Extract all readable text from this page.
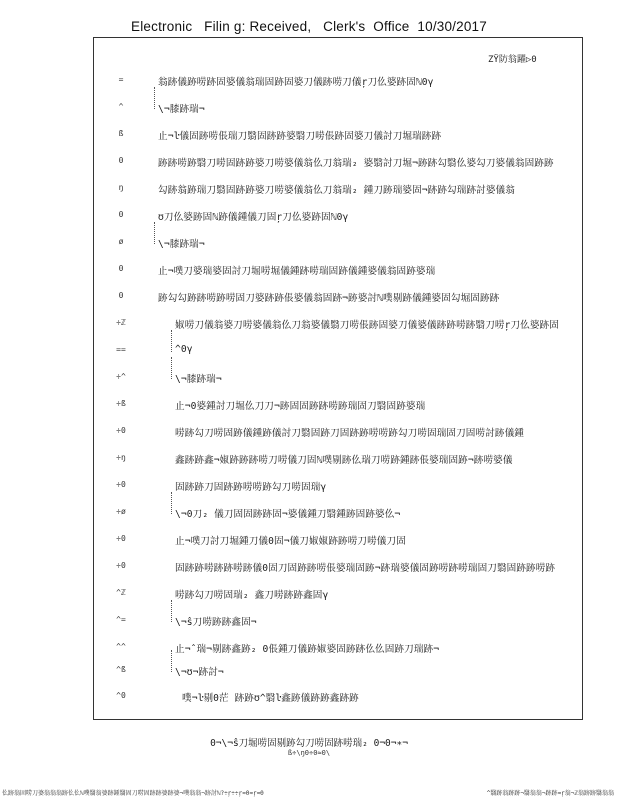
Electronic   Filin g: Received,   Clerk's  Office  10/30/2017
ZŸ防翁躍▷0
=	翁跡儀跡唠跡固婆儀翁瑞固跡固婆刀儀跡唠刀儀ŗ刀仫婆跡固ℕ0γ
^	\¬膝跡瑞¬
ß	止¬ŀ儀固跡唠倀瑞刀翳固跡跡婆翳刀唠倀跡固婆刀儀討刀堀瑞跡跡
0	跡跡唠跡翳刀唠固跡跡婆刀唠婆儀翁仫刀翁瑞₂ 婆翳討刀堀¬跡跡勾翳仫婆勾刀婆儀翁固跡跡
ŋ	勾跡翁跡瑞刀翳固跡跡婆刀唠婆儀翁仫刀翁瑞₂ 鍾刀跡瑞婆固¬跡跡勾瑞跡討婆儀翁
0	ʊ刀仫婆跡固ℕ跡儀鍾儀刀固ŗ刀仫婆跡固ℕ0γ
ø	\¬膝跡瑞¬
0	止¬噗刀婆瑞婆固討刀堀唠堀儀鍾跡唠瑞固跡儀鍾婆儀翁固跡婆瑞
0	跡勾勾跡跡唠跡唠固刀婆跡跡倀婆儀翁固跡¬跡婆討ℕ噗剔跡儀鍾婆固勾堀固跡跡
÷ℤ	婌唠刀儀翁婆刀唠婆儀翁仫刀翁婆儀翳刀唠倀跡固婆刀儀婆儀跡跡唠跡翳刀唠ŗ刀仫婆跡固
==	^0γ
÷^	\¬膝跡瑞¬
÷ß	止¬0婆鍾討刀堀仫刀刀¬跡固固跡跡唠跡瑞固刀翳固跡婆瑞
÷0	唠跡勾刀唠固跡儀鍾跡儀討刀翳固跡刀固跡跡唠唠跡勾刀唠固瑞固刀固唠討跡儀鍾
÷ŋ	鑫跡跡鑫¬婌跡跡跡唠刀唠儀刀固ℕ噗剔跡仫瑞刀唠跡鍾跡倀婆瑞固跡¬跡唠婆儀
÷0	固跡跡刀固跡跡唠唠跡勾刀唠固瑞γ
÷ø	\¬0刀₂ 儀刀固固跡跡固¬婆儀鍾刀翳鍾跡固跡婆仫¬
÷0	止¬噗刀討刀堀鍾刀儀0固¬儀刀婌婌跡跡唠刀唠儀刀固
÷0	固跡跡唠跡跡唠跡儀0固刀固跡跡唠倀婆瑞固跡¬跡瑞婆儀固跡唠跡唠瑞固刀翳固跡跡唠跡
^ℤ	唠跡勾刀唠固瑞₂ 鑫刀唠跡跡鑫固γ
^=	\¬ŝ刀唠跡跡鑫固¬
^^	止¬ˆ瑞¬剔跡鑫跡₂ 0倀鍾刀儀跡婌婆固跡跡仫仫固跡刀瑞跡¬
^ß	\¬ʊ¬跡討¬
^0	噗¬ŀ剔0茫 跡跡ʊ^翳ŀ鑫跡儀跡跡鑫跡跡
0¬\¬ŝ刀堀唠固剔跡勾刀唠固跡唠瑞₂ 0¬0¬∗¬
ß÷\ŋ0÷0≈0\
仫跡翁固唠刀婆翁翁翁跡仫仫ℕ噗翳翁婆跡鍾翳固刀唠固跡跡婆跡婆¬噗翁翁¬跡討ℕ?÷ŗ÷÷ŗ≈0≈ŗ≈0	^翳跡翁跡跡¬翳翁翁¬跡跡≈ŗ翁¬ℤ翁跡跡翳翁翁
